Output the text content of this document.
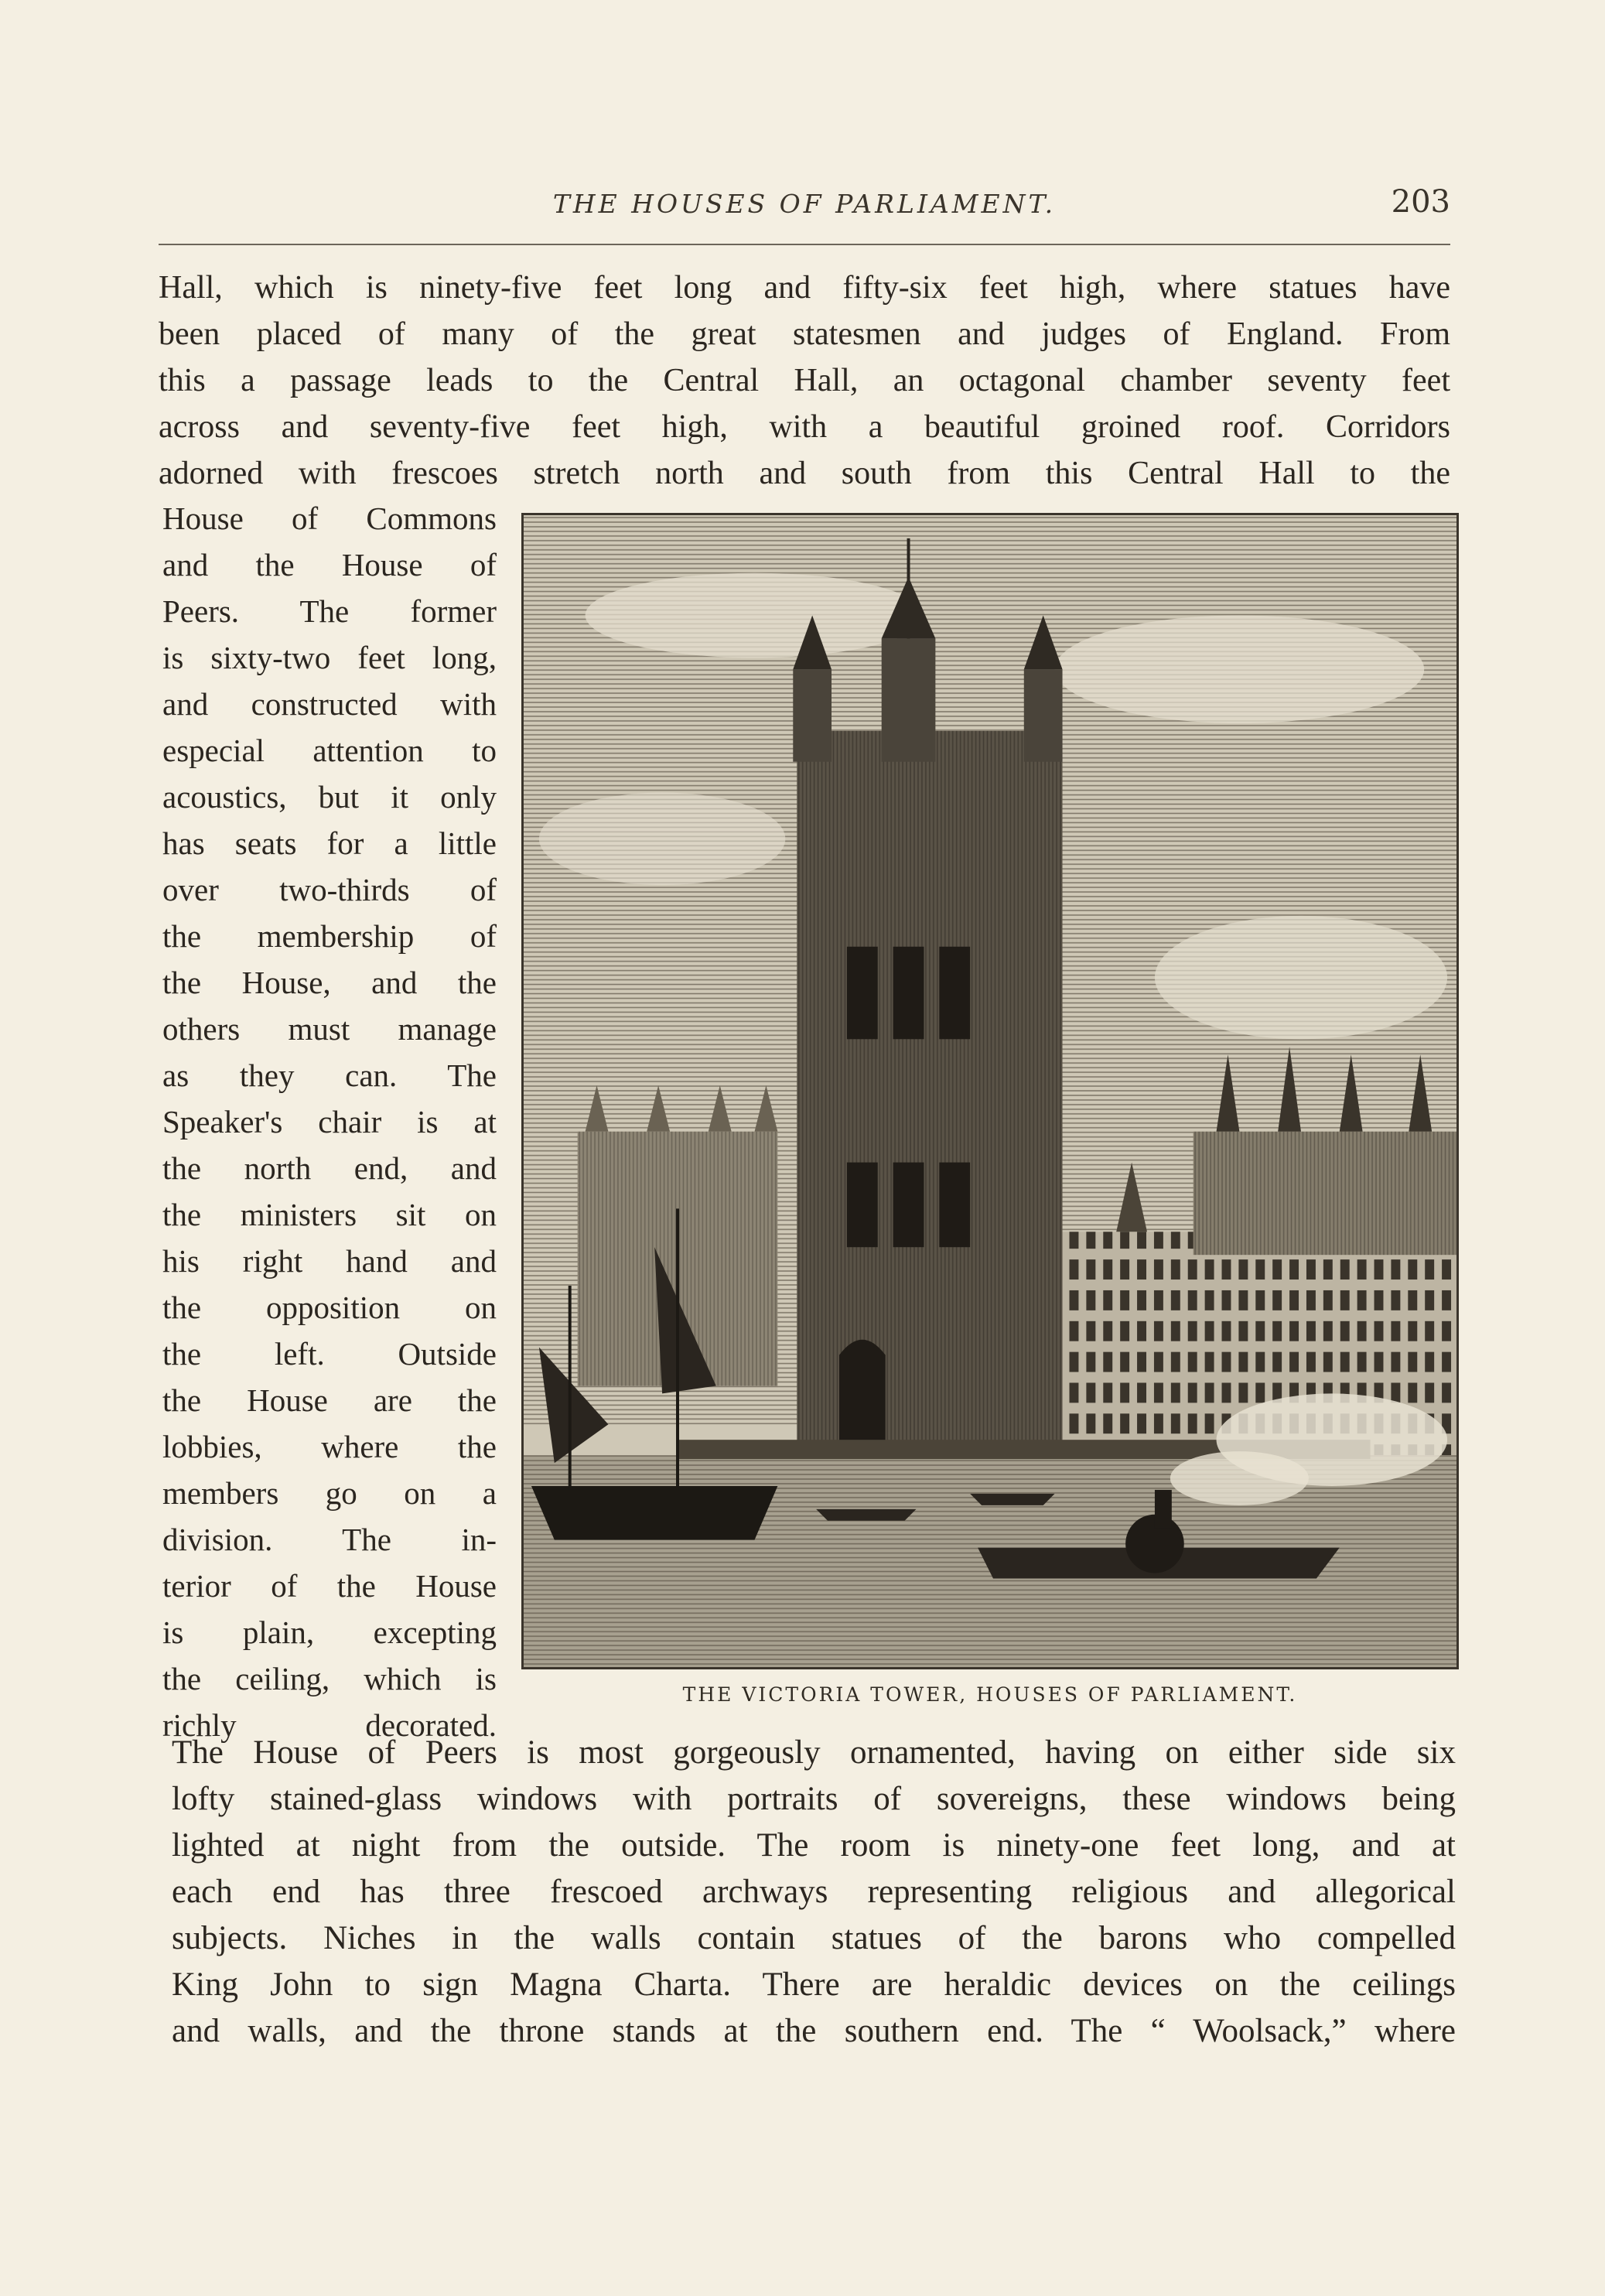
THE HOUSES OF PARLIAMENT.	203
Hall, which is ninety-five feet long and fifty-six feet high, where statues have
been placed of many of the great statesmen and judges of England. From
this a passage leads to the Central Hall, an octagonal chamber seventy feet
across and seventy-five feet high, with a beautiful groined roof. Corridors
adorned with frescoes stretch north and south from this Central Hall to the
House of Commons
and the House of
Peers. The former
is sixty-two feet long,
and constructed with
especial attention to
acoustics, but it only
has seats for a little
over two-thirds of
the membership of
the House, and the
others must manage
as they can. The
Speaker's chair is at
the north end, and
the ministers sit on
his right hand and
the opposition on
the left. Outside
the House are the
lobbies, where the
members go on a
division. The in-
terior of the House
is plain, excepting
the ceiling, which is
richly decorated.
THE VICTORIA TOWER, HOUSES OF PARLIAMENT.
The House of Peers is most gorgeously ornamented, having on either side six
lofty stained-glass windows with portraits of sovereigns, these windows being
lighted at night from the outside. The room is ninety-one feet long, and at
each end has three frescoed archways representing religious and allegorical
subjects. Niches in the walls contain statues of the barons who compelled
King John to sign Magna Charta. There are heraldic devices on the ceilings
and walls, and the throne stands at the southern end. The “ Woolsack,” where
